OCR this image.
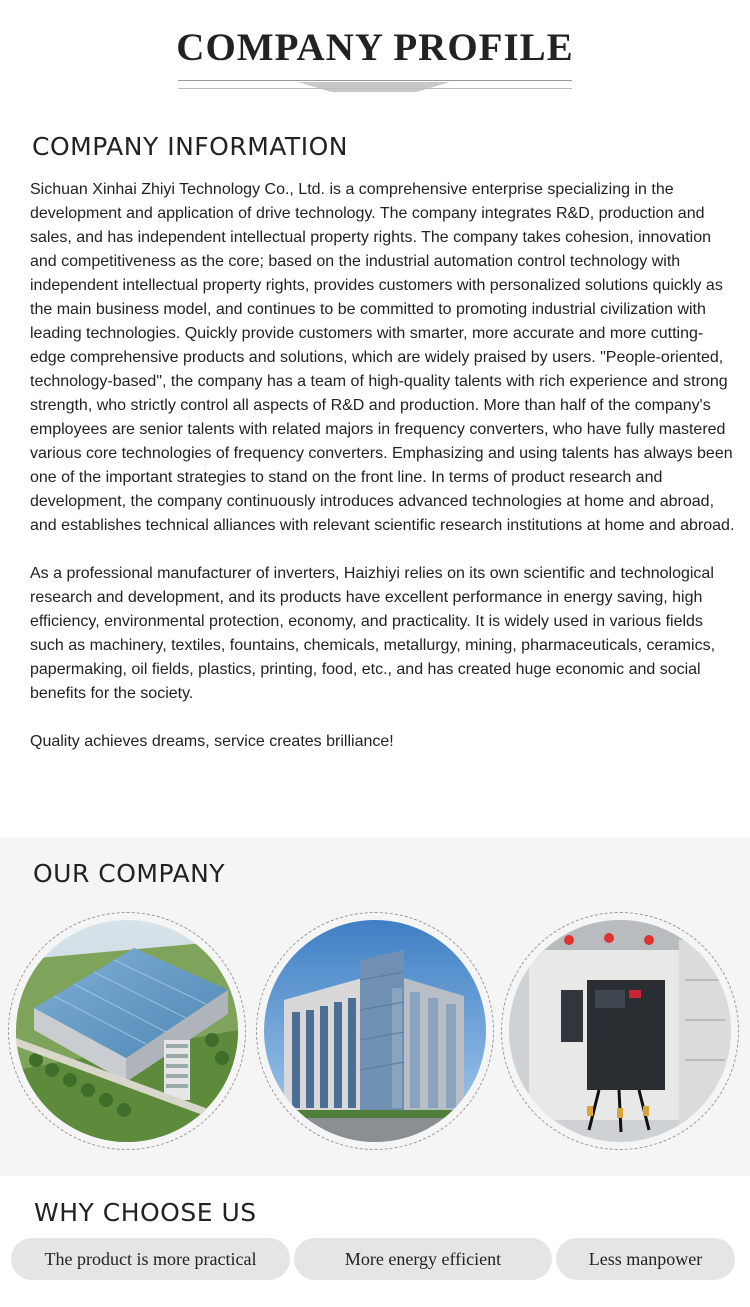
COMPANY PROFILE
COMPANY INFORMATION

Sichuan Xinhai Zhiyi Technology Co., Ltd. is a comprehensive enterprise specializing in the development and application of drive technology. The company integrates R&D, production and sales, and has independent intellectual property rights. The company takes cohesion, innovation and competitiveness as the core; based on the industrial automation control technology with independent intellectual property rights, provides customers with personalized solutions quickly as the main business model, and continues to be committed to promoting industrial civilization with leading technologies. Quickly provide customers with smarter, more accurate and more cutting-edge comprehensive products and solutions, which are widely praised by users. "People-oriented, technology-based", the company has a team of high-quality talents with rich experience and strong strength, who strictly control all aspects of R&D and production. More than half of the company's employees are senior talents with related majors in frequency converters, who have fully mastered various core technologies of frequency converters. Emphasizing and using talents has always been one of the important strategies to stand on the front line. In terms of product research and development, the company continuously introduces advanced technologies at home and abroad, and establishes technical alliances with relevant scientific research institutions at home and abroad.

As a professional manufacturer of inverters, Haizhiyi relies on its own scientific and technological research and development, and its products have excellent performance in energy saving, high efficiency, environmental protection, economy, and practicality. It is widely used in various fields such as machinery, textiles, fountains, chemicals, metallurgy, mining, pharmaceuticals, ceramics, papermaking, oil fields, plastics, printing, food, etc., and has created huge economic and social benefits for the society.

Quality achieves dreams, service creates brilliance!

OUR COMPANY
WHY CHOOSE US
The product is more practical	More energy efficient	Less manpower
